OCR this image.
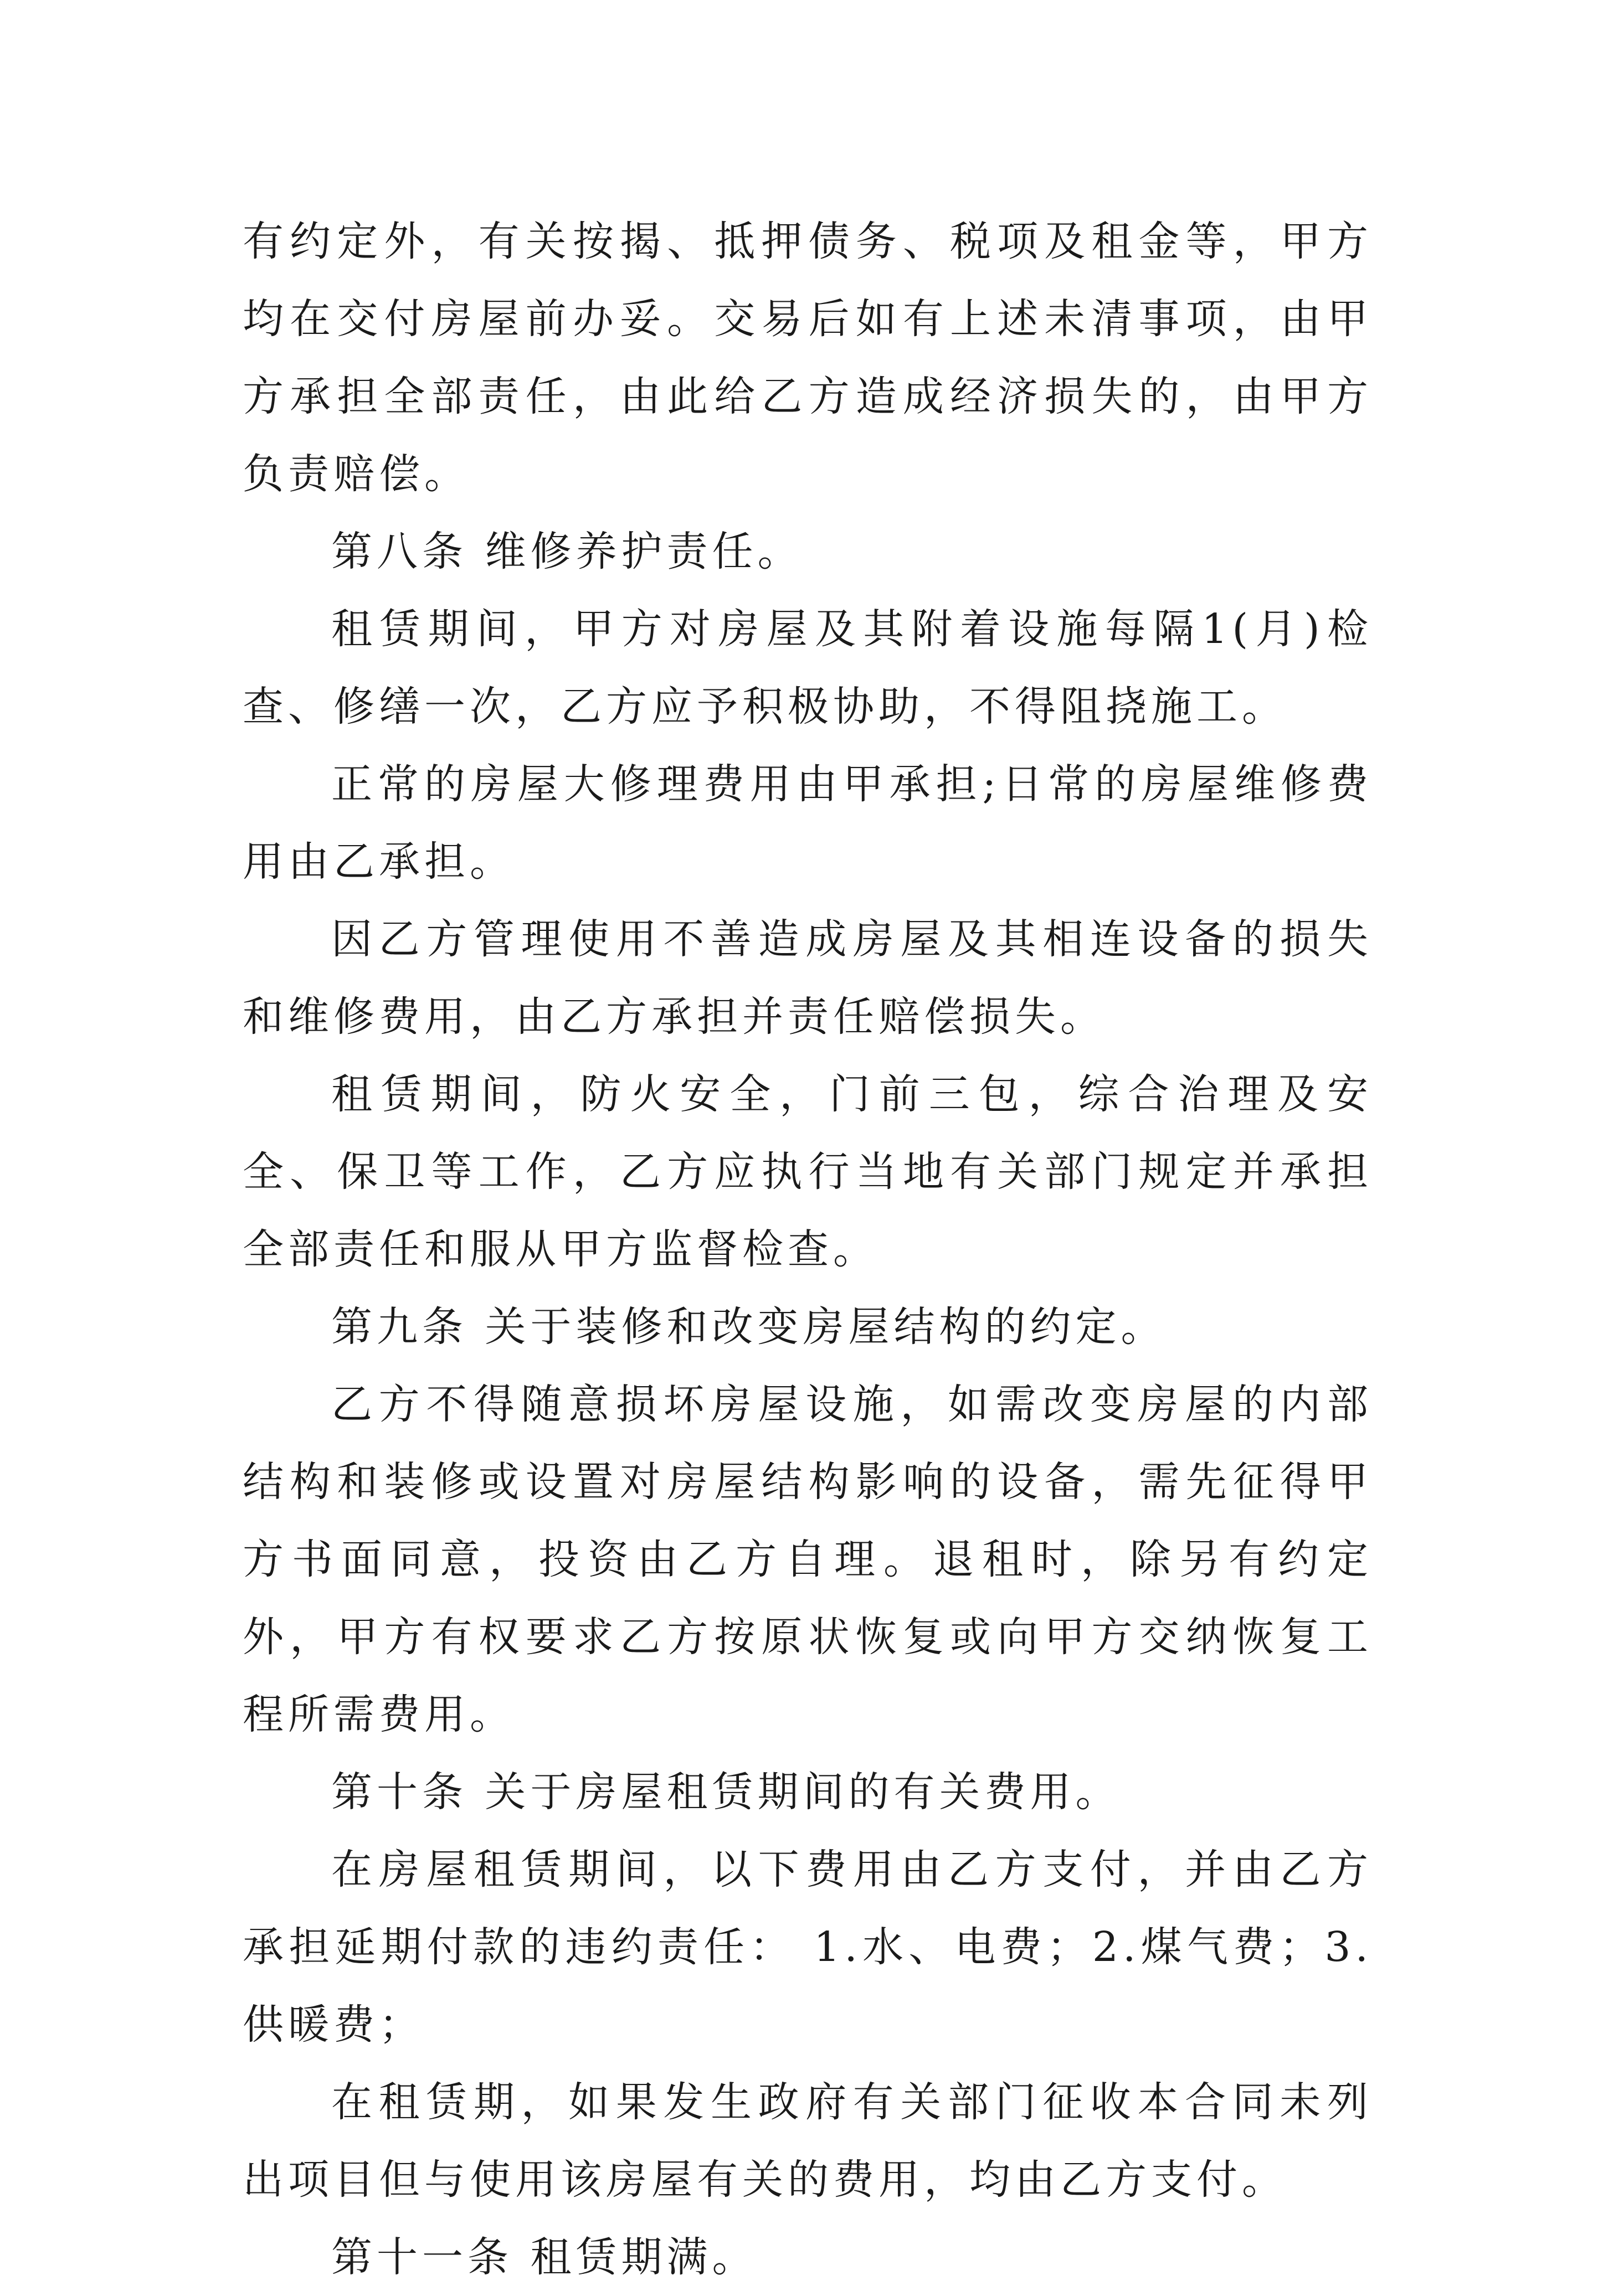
有约定外，有关按揭、抵押债务、税项及租金等，甲方均在交付房屋前办妥。交易后如有上述未清事项，由甲方承担全部责任，由此给乙方造成经济损失的，由甲方负责赔偿。

第八条 维修养护责任。

租赁期间，甲方对房屋及其附着设施每隔1(月)检查、修缮一次，乙方应予积极协助，不得阻挠施工。

正常的房屋大修理费用由甲承担;日常的房屋维修费用由乙承担。

因乙方管理使用不善造成房屋及其相连设备的损失和维修费用，由乙方承担并责任赔偿损失。

租赁期间，防火安全，门前三包，综合治理及安全、保卫等工作，乙方应执行当地有关部门规定并承担全部责任和服从甲方监督检查。

第九条 关于装修和改变房屋结构的约定。

乙方不得随意损坏房屋设施，如需改变房屋的内部结构和装修或设置对房屋结构影响的设备，需先征得甲方书面同意，投资由乙方自理。退租时，除另有约定外，甲方有权要求乙方按原状恢复或向甲方交纳恢复工程所需费用。

第十条 关于房屋租赁期间的有关费用。

在房屋租赁期间，以下费用由乙方支付，并由乙方承担延期付款的违约责任： 1.水、电费；2.煤气费；3.供暖费；

在租赁期，如果发生政府有关部门征收本合同未列出项目但与使用该房屋有关的费用，均由乙方支付。

第十一条 租赁期满。
